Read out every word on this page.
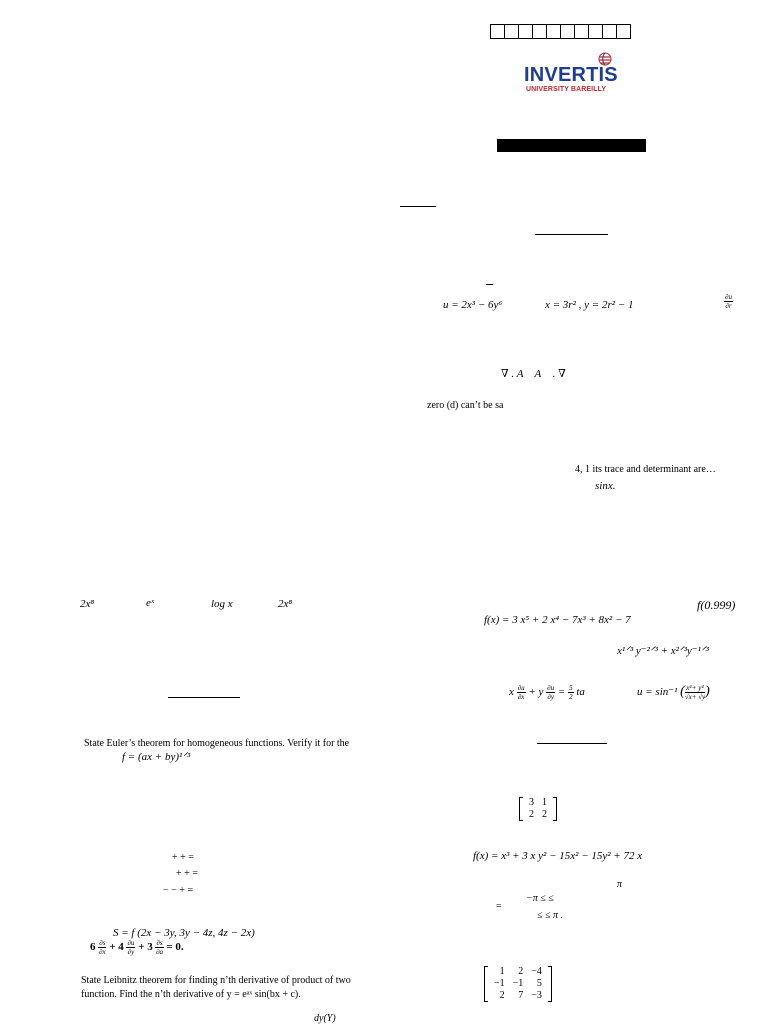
INVERTIS
UNIVERSITY BAREILLY
u = 2x³ − 6y⁶	x = 3r² , y = 2r² − 1	$\frac{\partial u}{\partial r}$
∇ . A⃗ A⃗ . ∇
zero (d) can’t be sa
4, 1 its trace and determinant are…
sinx.
2x⁸	eˣ	log x	2x⁸	f(0.999)
f(x) = 3 x⁵ + 2 x⁴ − 7x³ + 8x² − 7
x¹ᐟ³ y⁻²ᐟ³ + x²ᐟ³y⁻¹ᐟ³
x $\frac{\partial u}{\partial x} + y \frac{\partial u}{\partial y} = \frac{5}{2}$ ta	u = sin⁻¹ ( $\frac{\text{x⁴+ y⁴}}{√x+ √y}$ )
State Euler’s theorem for homogeneous functions. Verify it for the
f = (ax + by)¹ᐟ³
3 1
2 2
f(x) = x³ + 3 x y² − 15x² − 15y² + 72 x
π
=
−π ≤ ≤
≤ ≤ π .
+ + =
+ + =
− − + =
S = f (2x − 3y, 3y − 4z, 4z − 2x)
$6 \frac{\partial s}{\partial x} + 4 \frac{\partial u}{\partial y} + 3 \frac{\partial s}{\partial a} = 0$.
State Leibnitz theorem for finding n’th derivative of product of two
function. Find the n’th derivative of y = eᵃˣ sin(bx + c).
1	2 −4
−1 −1	5
2	7 −3
dy(Y)
